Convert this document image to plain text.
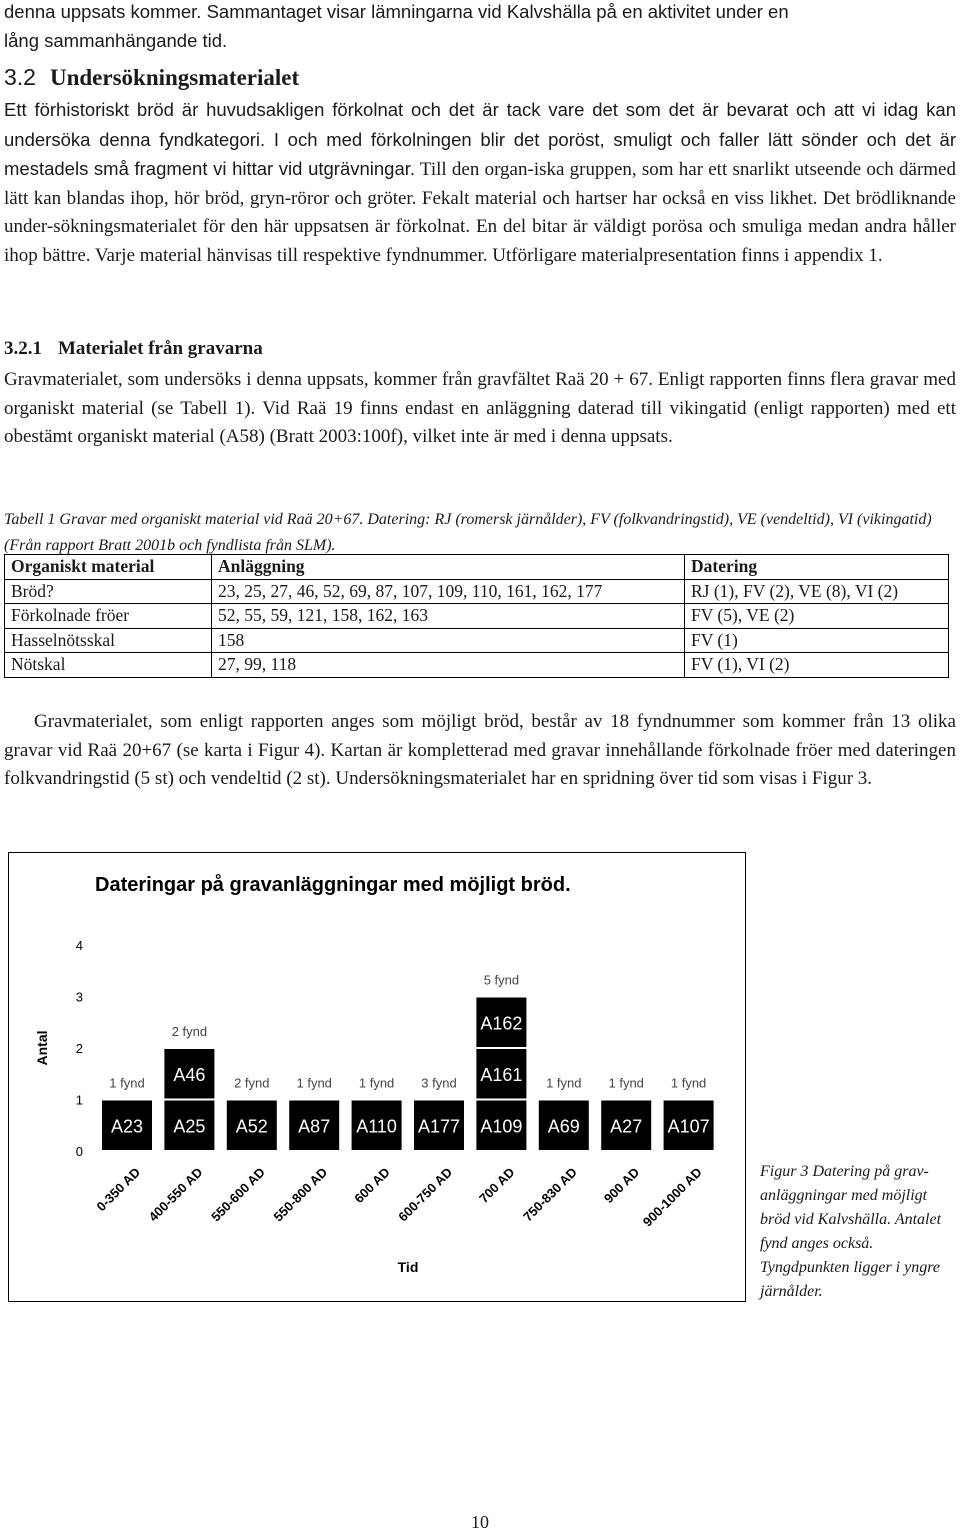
denna uppsats kommer. Sammantaget visar lämningarna vid Kalvshälla på en aktivitet under en
lång sammanhängande tid.

3.2 Undersökningsmaterialet

Ett förhistoriskt bröd är huvudsakligen förkolnat och det är tack vare det som det är bevarat och att vi idag kan undersöka denna fyndkategori. I och med förkolningen blir det poröst, smuligt och faller lätt sönder och det är mestadels små fragment vi hittar vid utgrävningar. Till den organ-iska gruppen, som har ett snarlikt utseende och därmed lätt kan blandas ihop, hör bröd, gryn-röror och gröter. Fekalt material och hartser har också en viss likhet. Det brödliknande under-sökningsmaterialet för den här uppsatsen är förkolnat. En del bitar är väldigt porösa och smuliga medan andra håller ihop bättre. Varje material hänvisas till respektive fyndnummer. Utförligare materialpresentation finns i appendix 1.

3.2.1 Materialet från gravarna

Gravmaterialet, som undersöks i denna uppsats, kommer från gravfältet Raä 20 + 67. Enligt rapporten finns flera gravar med organiskt material (se Tabell 1). Vid Raä 19 finns endast en anläggning daterad till vikingatid (enligt rapporten) med ett obestämt organiskt material (A58) (Bratt 2003:100f), vilket inte är med i denna uppsats.

Tabell 1 Gravar med organiskt material vid Raä 20+67. Datering: RJ (romersk järnålder), FV (folkvandringstid), VE (vendeltid), VI (vikingatid) (Från rapport Bratt 2001b och fyndlista från SLM).

Organiskt material	Anläggning	Datering
Bröd?	23, 25, 27, 46, 52, 69, 87, 107, 109, 110, 161, 162, 177	RJ (1), FV (2), VE (8), VI (2)
Förkolnade fröer	52, 55, 59, 121, 158, 162, 163	FV (5), VE (2)
Hasselnötsskal	158	FV (1)
Nötskal	27, 99, 118	FV (1), VI (2)

Gravmaterialet, som enligt rapporten anges som möjligt bröd, består av 18 fyndnummer som kommer från 13 olika gravar vid Raä 20+67 (se karta i Figur 4). Kartan är kompletterad med gravar innehållande förkolnade fröer med dateringen folkvandringstid (5 st) och vendeltid (2 st). Undersökningsmaterialet har en spridning över tid som visas i Figur 3.

Dateringar på gravanläggningar med möjligt bröd.
Antal
Tid
0
1
2
3
4
A23
1 fynd
A25
A46
2 fynd
A52
2 fynd
A87
1 fynd
A110
1 fynd
A177
3 fynd
A109
A161
A162
5 fynd
A69
1 fynd
A27
1 fynd
A107
1 fynd
0-350 AD 400-550 AD 550-600 AD 550-800 AD 600 AD 600-750 AD 700 AD 750-830 AD 900 AD
900-1000 AD	Figur 3 Datering på grav-anläggningar med möjligt bröd vid Kalvshälla. Antalet fynd anges också. Tyngdpunkten ligger i yngre järnålder.

10
